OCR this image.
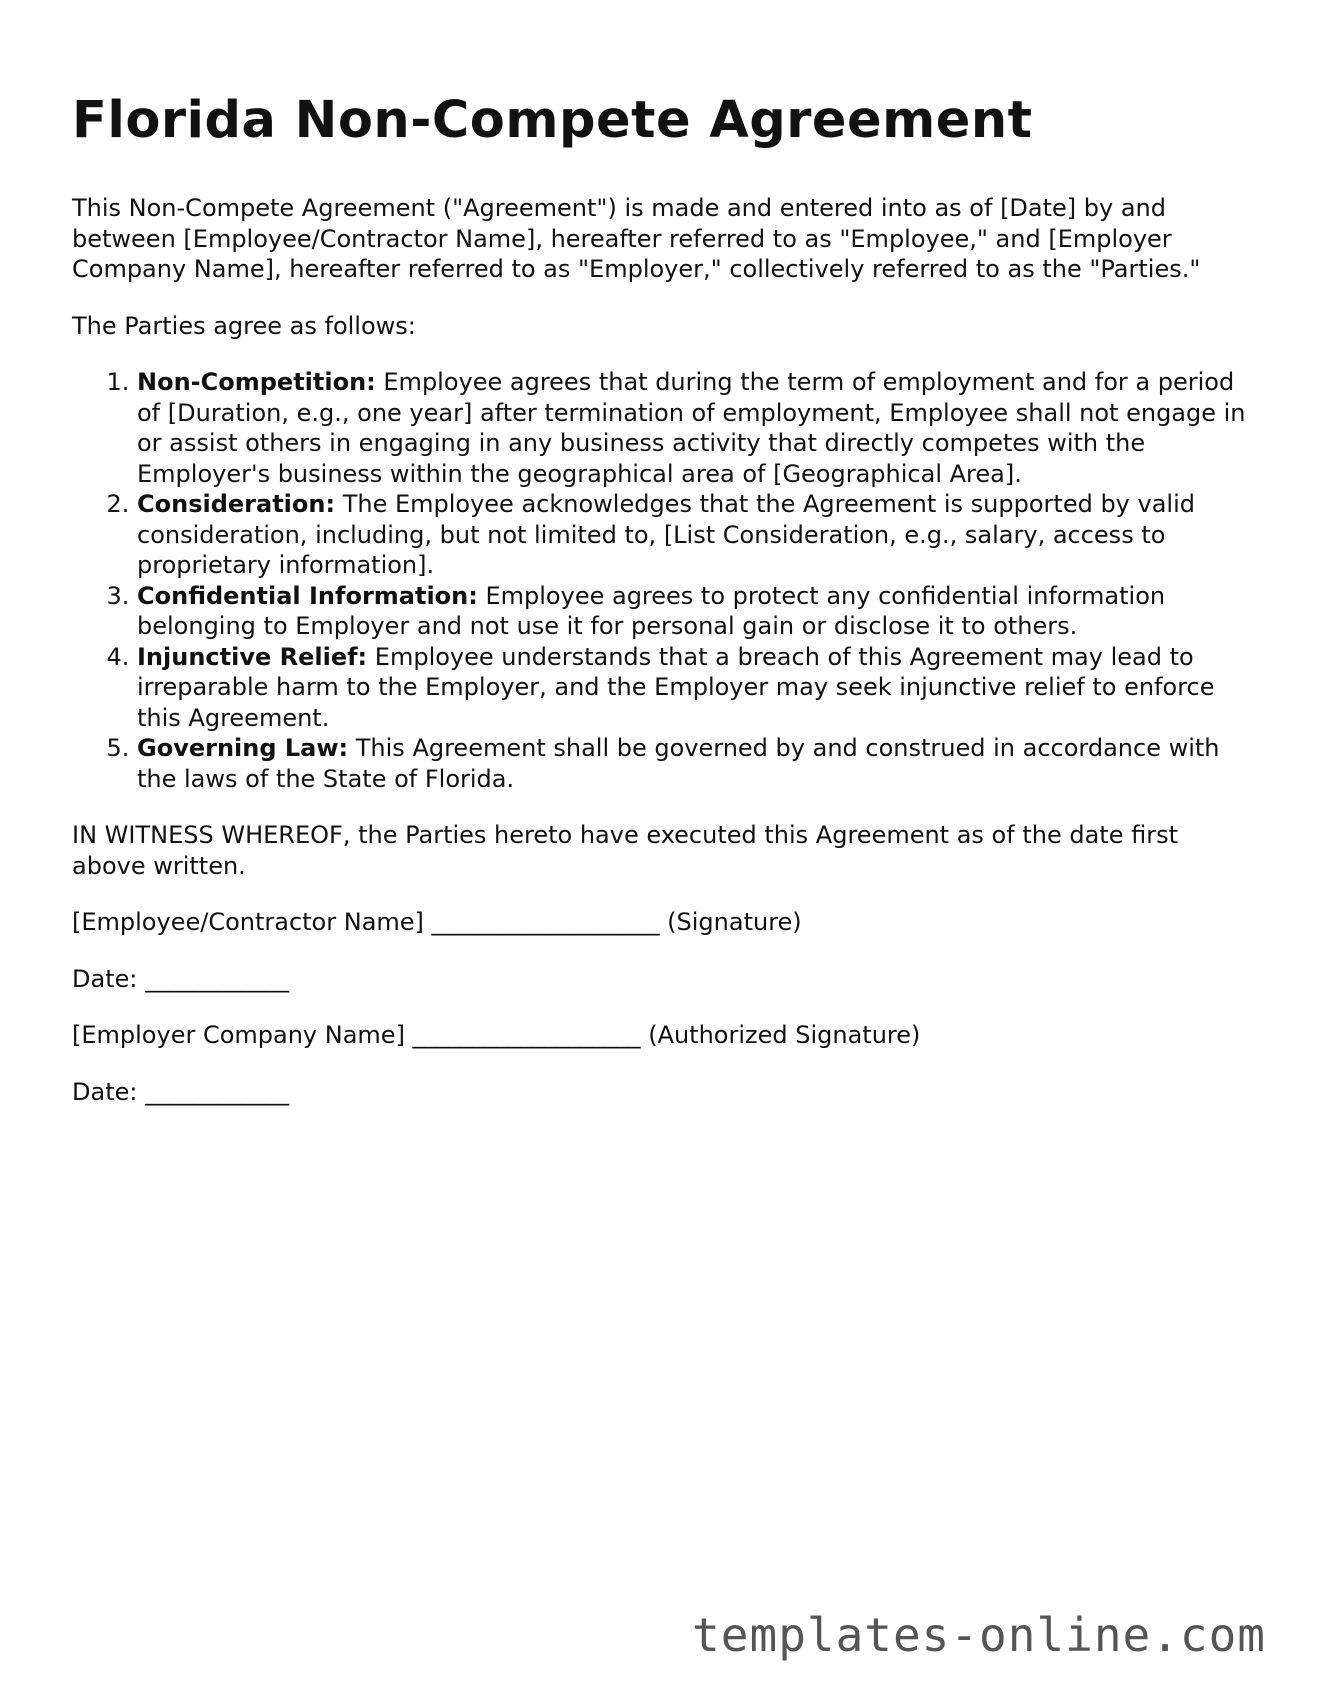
Florida Non-Compete Agreement

This Non-Compete Agreement ("Agreement") is made and entered into as of [Date] by and between [Employee/Contractor Name], hereafter referred to as "Employee," and [Employer Company Name], hereafter referred to as "Employer," collectively referred to as the "Parties."

The Parties agree as follows:

1. Non-Competition: Employee agrees that during the term of employment and for a period of [Duration, e.g., one year] after termination of employment, Employee shall not engage in or assist others in engaging in any business activity that directly competes with the Employer's business within the geographical area of [Geographical Area].
2. Consideration: The Employee acknowledges that the Agreement is supported by valid consideration, including, but not limited to, [List Consideration, e.g., salary, access to proprietary information].
3. Confidential Information: Employee agrees to protect any confidential information belonging to Employer and not use it for personal gain or disclose it to others.
4. Injunctive Relief: Employee understands that a breach of this Agreement may lead to irreparable harm to the Employer, and the Employer may seek injunctive relief to enforce this Agreement.
5. Governing Law: This Agreement shall be governed by and construed in accordance with the laws of the State of Florida.

IN WITNESS WHEREOF, the Parties hereto have executed this Agreement as of the date first above written.

[Employee/Contractor Name] ___________________ (Signature)

Date: ____________

[Employer Company Name] ___________________ (Authorized Signature)

Date: ____________

templates-online.com
